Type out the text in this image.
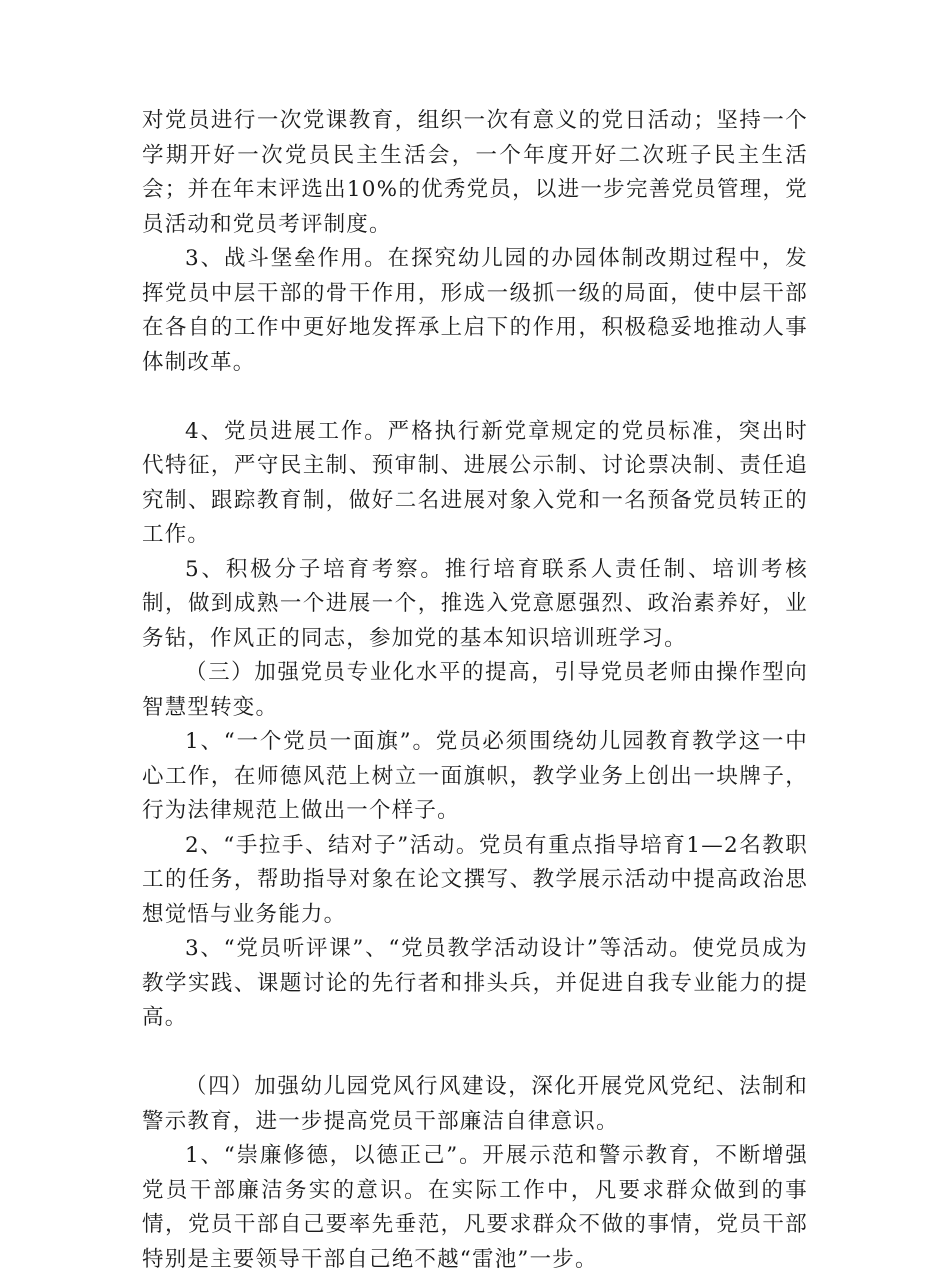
对党员进行一次党课教育，组织一次有意义的党日活动；坚持一个学期开好一次党员民主生活会，一个年度开好二次班子民主生活会；并在年末评选出10%的优秀党员，以进一步完善党员管理，党员活动和党员考评制度。

3、战斗堡垒作用。在探究幼儿园的办园体制改期过程中，发挥党员中层干部的骨干作用，形成一级抓一级的局面，使中层干部在各自的工作中更好地发挥承上启下的作用，积极稳妥地推动人事体制改革。

4、党员进展工作。严格执行新党章规定的党员标准，突出时代特征，严守民主制、预审制、进展公示制、讨论票决制、责任追究制、跟踪教育制，做好二名进展对象入党和一名预备党员转正的工作。

5、积极分子培育考察。推行培育联系人责任制、培训考核制，做到成熟一个进展一个，推选入党意愿强烈、政治素养好，业务钻，作风正的同志，参加党的基本知识培训班学习。

（三）加强党员专业化水平的提高，引导党员老师由操作型向智慧型转变。

1、“一个党员一面旗”。党员必须围绕幼儿园教育教学这一中心工作，在师德风范上树立一面旗帜，教学业务上创出一块牌子，行为法律规范上做出一个样子。

2、“手拉手、结对子”活动。党员有重点指导培育1—2名教职工的任务，帮助指导对象在论文撰写、教学展示活动中提高政治思想觉悟与业务能力。

3、“党员听评课”、“党员教学活动设计”等活动。使党员成为教学实践、课题讨论的先行者和排头兵，并促进自我专业能力的提高。

（四）加强幼儿园党风行风建设，深化开展党风党纪、法制和警示教育，进一步提高党员干部廉洁自律意识。

1、“崇廉修德，以德正己”。开展示范和警示教育，不断增强党员干部廉洁务实的意识。在实际工作中，凡要求群众做到的事情，党员干部自己要率先垂范，凡要求群众不做的事情，党员干部特别是主要领导干部自己绝不越“雷池”一步。
